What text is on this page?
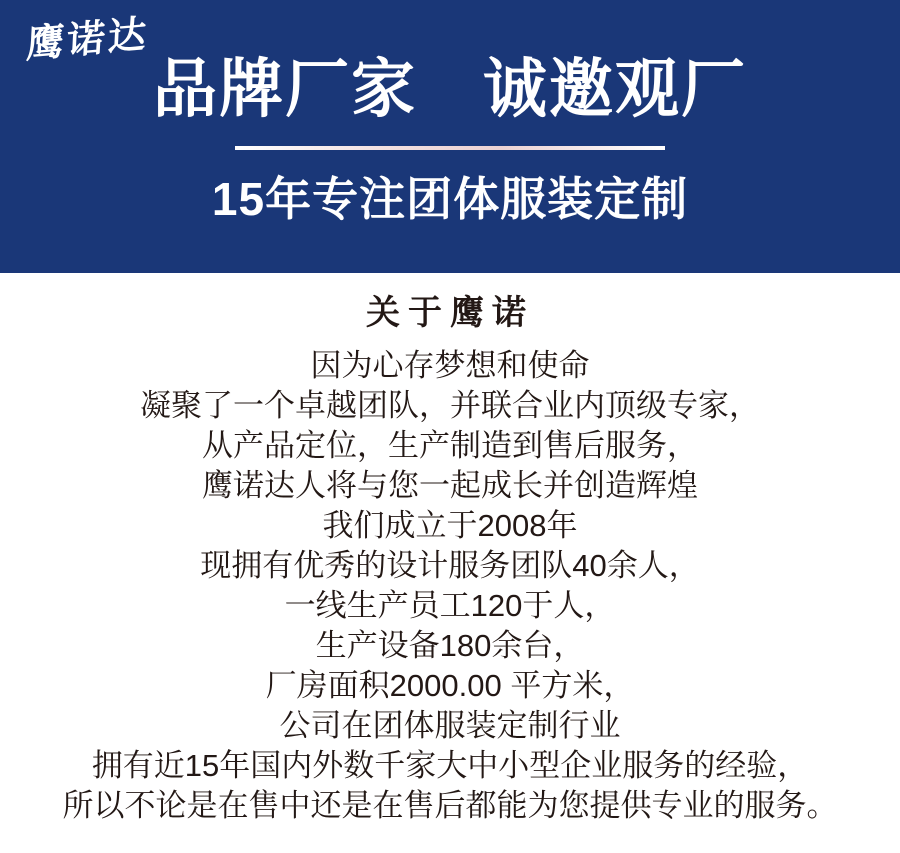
鹰诺达
品牌厂家　诚邀观厂
15年专注团体服装定制
关于鹰诺

因为心存梦想和使命

凝聚了一个卓越团队，并联合业内顶级专家，

从产品定位，生产制造到售后服务，

鹰诺达人将与您一起成长并创造辉煌

我们成立于2008年

现拥有优秀的设计服务团队40余人，

一线生产员工120于人，

生产设备180余台，

厂房面积2000.00 平方米，

公司在团体服装定制行业

拥有近15年国内外数千家大中小型企业服务的经验，

所以不论是在售中还是在售后都能为您提供专业的服务。
